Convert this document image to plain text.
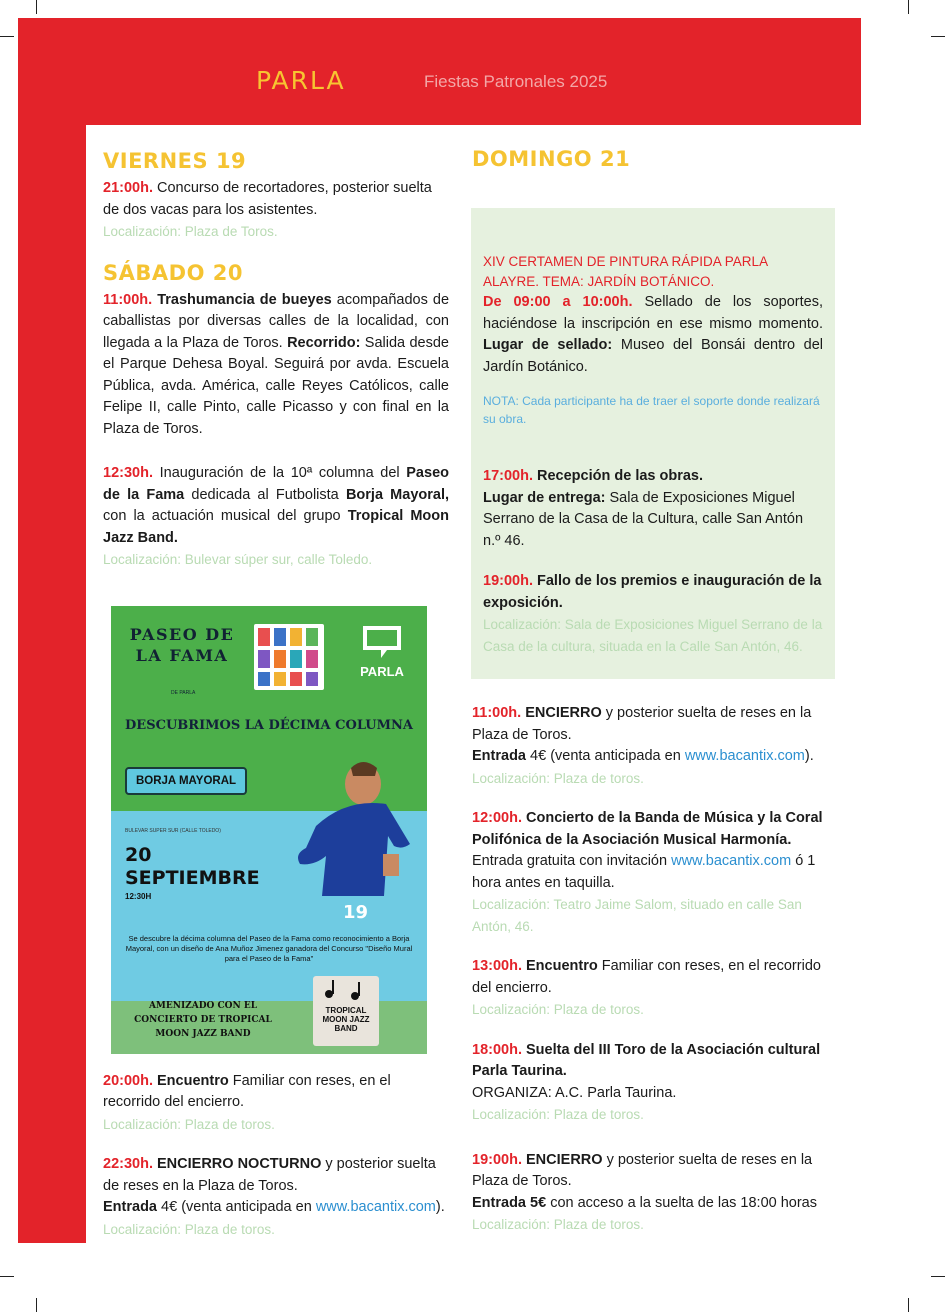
PARLA	Fiestas Patronales 2025
VIERNES 19
21:00h. Concurso de recortadores, posterior suelta de dos vacas para los asistentes.
Localización: Plaza de Toros.
SÁBADO 20
11:00h. Trashumancia de bueyes acompañados de caballistas por diversas calles de la localidad, con llegada a la Plaza de Toros. Recorrido: Salida desde el Parque Dehesa Boyal. Seguirá por avda. Escuela Pública, avda. América, calle Reyes Católicos, calle Felipe II, calle Pinto, calle Picasso y con final en la Plaza de Toros.
12:30h. Inauguración de la 10ª columna del Paseo de la Fama dedicada al Futbolista Borja Mayoral, con la actuación musical del grupo Tropical Moon Jazz Band.
Localización: Bulevar súper sur, calle Toledo.
20:00h. Encuentro Familiar con reses, en el recorrido del encierro.
Localización: Plaza de toros.
22:30h. ENCIERRO NOCTURNO y posterior suelta de reses en la Plaza de Toros.
Entrada 4€ (venta anticipada en www.bacantix.com).
Localización: Plaza de toros.
PASEO DE LA FAMA
DE PARLA
PARLA
DESCUBRIMOS LA DÉCIMA COLUMNA
BORJA MAYORAL
BULEVAR SUPER SUR (CALLE TOLEDO)
20 SEPTIEMBRE
12:30H
19
Se descubre la décima columna del Paseo de la Fama como reconocimiento a Borja Mayoral, con un diseño de Ana Muñoz Jimenez ganadora del Concurso "Diseño Mural para el Paseo de la Fama"
AMENIZADO CON EL CONCIERTO DE TROPICAL MOON JAZZ BAND
TROPICAL MOON JAZZ BAND
DOMINGO 21
XIV CERTAMEN DE PINTURA RÁPIDA PARLA ALAYRE. TEMA: JARDÍN BOTÁNICO.
De 09:00 a 10:00h. Sellado de los soportes, haciéndose la inscripción en ese mismo momento. Lugar de sellado: Museo del Bonsái dentro del Jardín Botánico.
NOTA: Cada participante ha de traer el soporte donde realizará su obra.
17:00h. Recepción de las obras.
Lugar de entrega: Sala de Exposiciones Miguel Serrano de la Casa de la Cultura, calle San Antón n.º 46.
19:00h. Fallo de los premios e inauguración de la exposición.
Localización: Sala de Exposiciones Miguel Serrano de la Casa de la cultura, situada en la Calle San Antón, 46.
11:00h. ENCIERRO y posterior suelta de reses en la Plaza de Toros.
Entrada 4€ (venta anticipada en www.bacantix.com).
Localización: Plaza de toros.
12:00h. Concierto de la Banda de Música y la Coral Polifónica de la Asociación Musical Harmonía.
Entrada gratuita con invitación www.bacantix.com ó 1 hora antes en taquilla.
Localización: Teatro Jaime Salom, situado en calle San Antón, 46.
13:00h. Encuentro Familiar con reses, en el recorrido del encierro.
Localización: Plaza de toros.
18:00h. Suelta del III Toro de la Asociación cultural Parla Taurina.
ORGANIZA: A.C. Parla Taurina.
Localización: Plaza de toros.
19:00h. ENCIERRO y posterior suelta de reses en la Plaza de Toros.
Entrada 5€ con acceso a la suelta de las 18:00 horas
Localización: Plaza de toros.
